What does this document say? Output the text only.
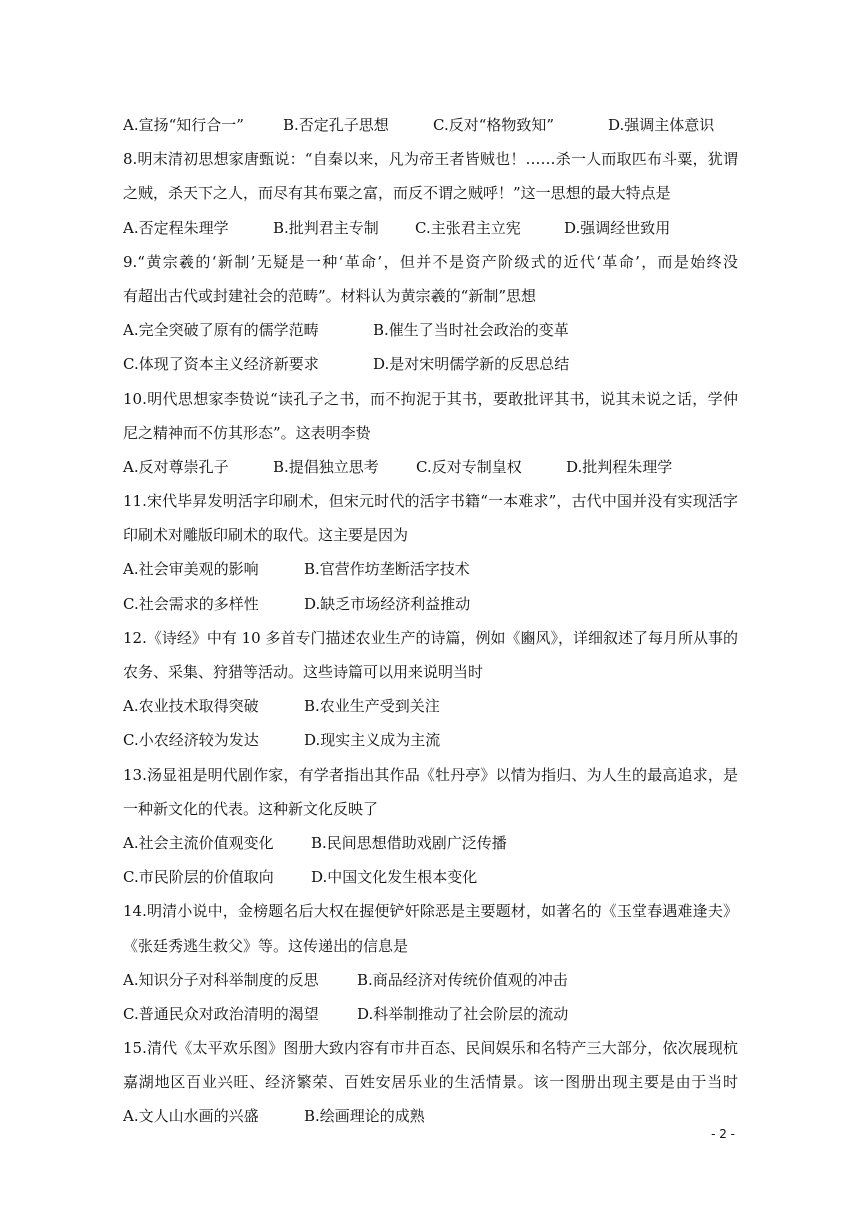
A.宣扬“知行合一”	B.否定孔子思想	C.反对“格物致知”	D.强调主体意识
8.明末清初思想家唐甄说：“自秦以来，凡为帝王者皆贼也！……杀一人而取匹布斗粟，犹谓
之贼，杀天下之人，而尽有其布粟之富，而反不谓之贼呼！”这一思想的最大特点是
A.否定程朱理学	B.批判君主专制	C.主张君主立宪	D.强调经世致用
9.“黄宗羲的‘新制’无疑是一种‘革命’，但并不是资产阶级式的近代‘革命’，而是始终没
有超出古代或封建社会的范畴”。材料认为黄宗羲的“新制”思想
A.完全突破了原有的儒学范畴	B.催生了当时社会政治的变革
C.体现了资本主义经济新要求	D.是对宋明儒学新的反思总结
10.明代思想家李贽说“读孔子之书，而不拘泥于其书，要敢批评其书，说其未说之话，学仲
尼之精神而不仿其形态”。这表明李贽
A.反对尊崇孔子	B.提倡独立思考	C.反对专制皇权	D.批判程朱理学
11.宋代毕昇发明活字印刷术，但宋元时代的活字书籍“一本难求”，古代中国并没有实现活字
印刷术对雕版印刷术的取代。这主要是因为
A.社会审美观的影响	B.官营作坊垄断活字技术
C.社会需求的多样性	D.缺乏市场经济利益推动
12.《诗经》中有 10 多首专门描述农业生产的诗篇，例如《豳风》，详细叙述了每月所从事的
农务、采集、狩猎等活动。这些诗篇可以用来说明当时
A.农业技术取得突破	B.农业生产受到关注
C.小农经济较为发达	D.现实主义成为主流
13.汤显祖是明代剧作家，有学者指出其作品《牡丹亭》以情为指归、为人生的最高追求，是
一种新文化的代表。这种新文化反映了
A.社会主流价值观变化	B.民间思想借助戏剧广泛传播
C.市民阶层的价值取向	D.中国文化发生根本变化
14.明清小说中，金榜题名后大权在握便铲奸除恶是主要题材，如著名的《玉堂春遇难逢夫》
《张廷秀逃生救父》等。这传递出的信息是
A.知识分子对科举制度的反思	B.商品经济对传统价值观的冲击
C.普通民众对政治清明的渴望	D.科举制推动了社会阶层的流动
15.清代《太平欢乐图》图册大致内容有市井百态、民间娱乐和名特产三大部分，依次展现杭
嘉湖地区百业兴旺、经济繁荣、百姓安居乐业的生活情景。该一图册出现主要是由于当时
A.文人山水画的兴盛	B.绘画理论的成熟
- 2 -
